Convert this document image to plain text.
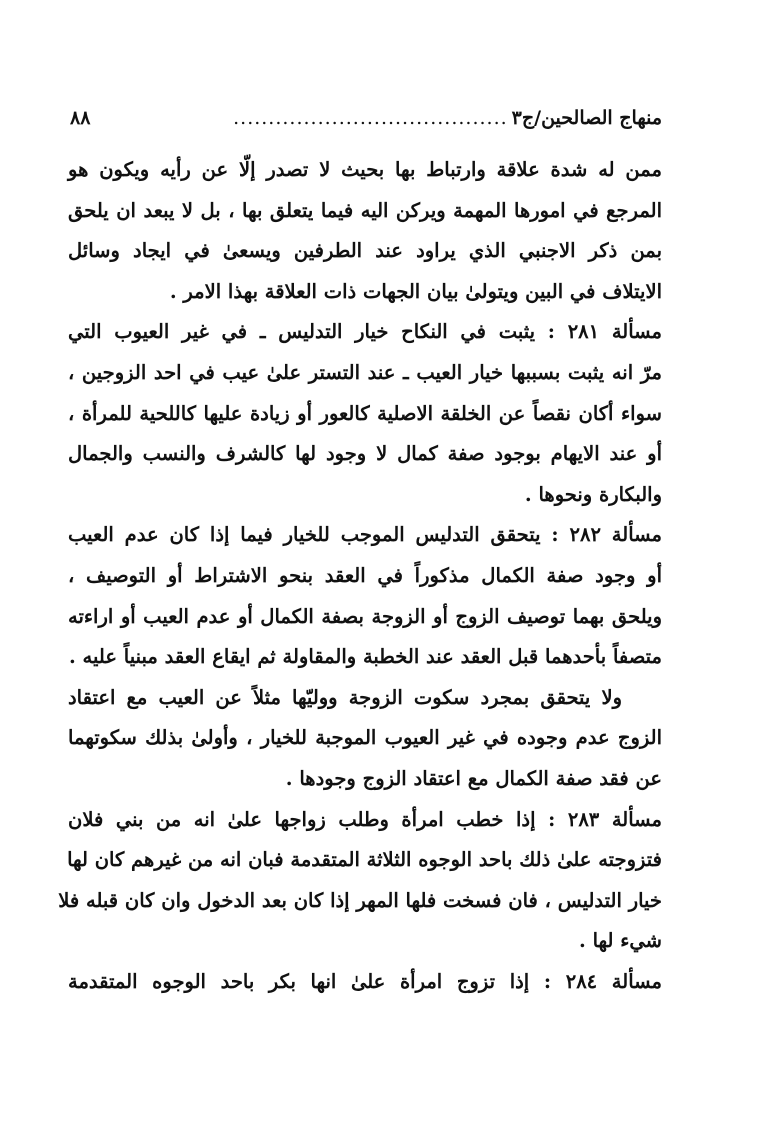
منهاج الصالحين/ج٣
.......................................
٨٨

ممن له شدة علاقة وارتباط بها بحيث لا تصدر إلّا عن رأيه ويكون هو
المرجع في امورها المهمة ويركن اليه فيما يتعلق بها ، بل لا يبعد ان يلحق
بمن ذكر الاجنبي الذي يراود عند الطرفين ويسعىٰ في ايجاد وسائل
الايتلاف في البين ويتولىٰ بيان الجهات ذات العلاقة بهذا الامر .

مسألة ٢٨١ : يثبت في النكاح خيار التدليس ـ في غير العيوب التي
مرّ انه يثبت بسببها خيار العيب ـ عند التستر علىٰ عيب في احد الزوجين ،
سواء أكان نقصاً عن الخلقة الاصلية كالعور أو زيادة عليها كاللحية للمرأة ،
أو عند الايهام بوجود صفة كمال لا وجود لها كالشرف والنسب والجمال
والبكارة ونحوها .

مسألة ٢٨٢ : يتحقق التدليس الموجب للخيار فيما إذا كان عدم العيب
أو وجود صفة الكمال مذكوراً في العقد بنحو الاشتراط أو التوصيف ،
ويلحق بهما توصيف الزوج أو الزوجة بصفة الكمال أو عدم العيب أو اراءته
متصفاً بأحدهما قبل العقد عند الخطبة والمقاولة ثم ايقاع العقد مبنياً عليه .

ولا يتحقق بمجرد سكوت الزوجة ووليّها مثلاً عن العيب مع اعتقاد
الزوج عدم وجوده في غير العيوب الموجبة للخيار ، وأولىٰ بذلك سكوتهما
عن فقد صفة الكمال مع اعتقاد الزوج وجودها .

مسألة ٢٨٣ : إذا خطب امرأة وطلب زواجها علىٰ انه من بني فلان
فتزوجته علىٰ ذلك باحد الوجوه الثلاثة المتقدمة فبان انه من غيرهم كان لها
خيار التدليس ، فان فسخت فلها المهر إذا كان بعد الدخول وان كان قبله فلا
شيء لها .

مسألة ٢٨٤ : إذا تزوج امرأة علىٰ انها بكر باحد الوجوه المتقدمة
